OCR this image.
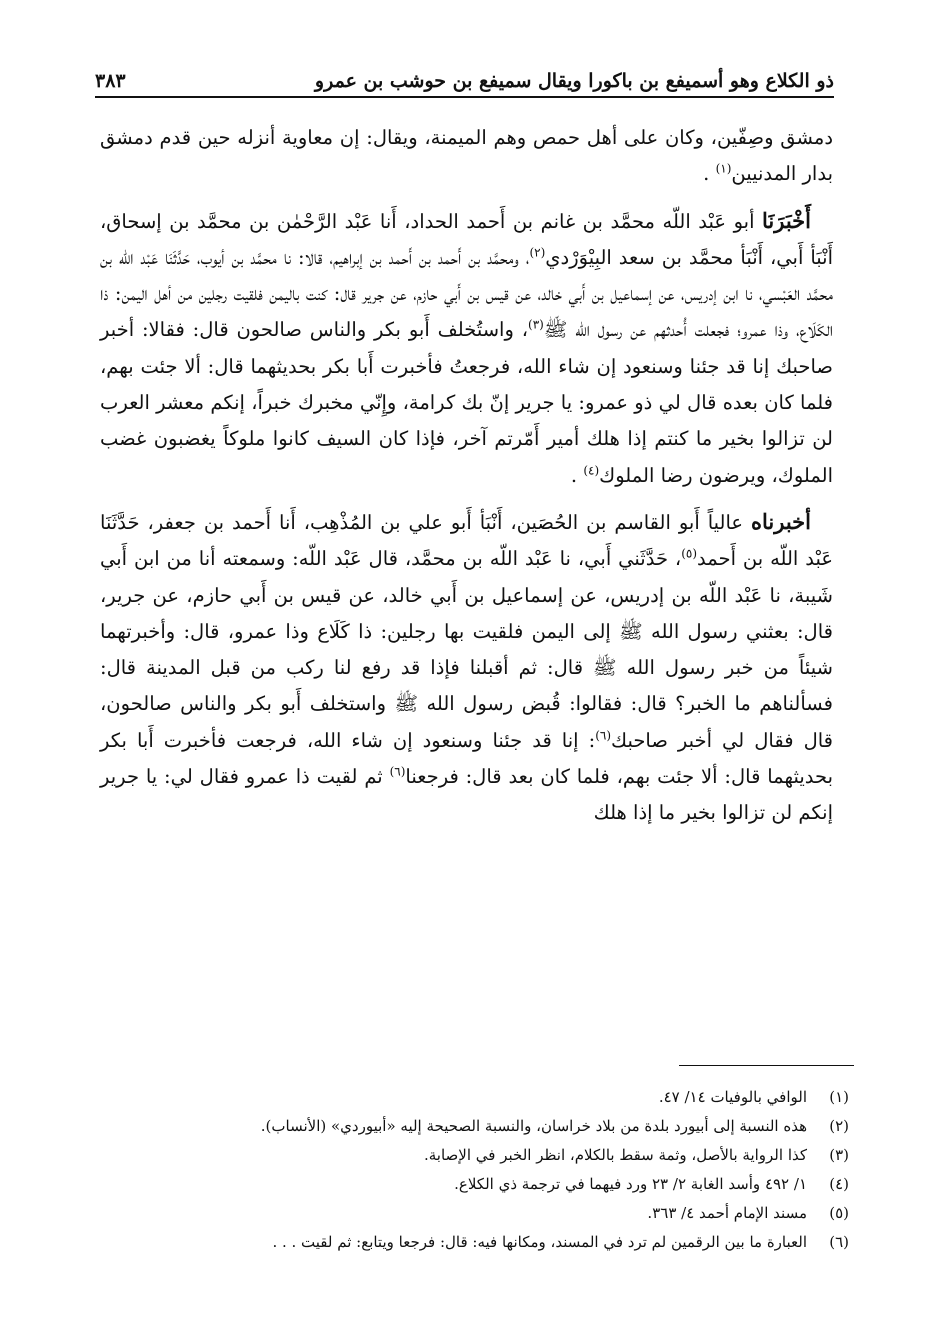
ذو الكلاع وهو أسميفع بن باكورا ويقال سميفع بن حوشب بن عمرو
٣٨٣

دمشق وصِفّين، وكان على أهل حمص وهم الميمنة، ويقال: إن معاوية أنزله حين قدم دمشق بدار المدنيين$^{(١)}$ .

أَخْبَرَنَا أبو عَبْد اللّه محمَّد بن غانم بن أَحمد الحداد، أَنا عَبْد الرَّحْمٰن بن محمَّد بن إسحاق، أَنْبَأ أَبي، أَنْبَأ محمَّد بن سعد البِيْوَرْدي$^{(٢)}$، ومحمَّد بن أَحمد بن أَحمد بن إبراهيم، قالا: نا محمَّد بن أيوب، حَدَّثَنَا عَبْد اللّه بن محمَّد العَبْسي، نا ابن إدريس، عن إسماعيل بن أَبي خالد، عن قيس بن أَبي حازم، عن جرير قال: كنت باليمن فلقيت رجلين من أهل اليمن: ذا الكَلَاع، وذا عمرو؛ فجعلت أُحدثهم عن رسول الله ﷺ$^{(٣)}$، واستُخلف أَبو بكر والناس صالحون قال: فقالا: أخبر صاحبك إنا قد جئنا وسنعود إن شاء الله، فرجعتُ فأخبرت أَبا بكر بحديثهما قال: ألا جئت بهم، فلما كان بعده قال لي ذو عمرو: يا جرير إنّ بك كرامة، وإِنّي مخبرك خبراً، إنكم معشر العرب لن تزالوا بخير ما كنتم إذا هلك أمير أَمّرتم آخر، فإذا كان السيف كانوا ملوكاً يغضبون غضب الملوك، ويرضون رضا الملوك$^{(٤)}$ .

أخبرناه عالياً أَبو القاسم بن الحُصَين، أَنْبَأ أَبو علي بن المُذْهِب، أَنا أَحمد بن جعفر، حَدَّثَنَا عَبْد اللّه بن أَحمد$^{(٥)}$، حَدَّثَني أَبي، نا عَبْد اللّه بن محمَّد، قال عَبْد اللّه: وسمعته أنا من ابن أَبي شَيبة، نا عَبْد اللّه بن إدريس، عن إسماعيل بن أَبي خالد، عن قيس بن أَبي حازم، عن جرير، قال: بعثني رسول الله ﷺ إلى اليمن فلقيت بها رجلين: ذا كَلَاع وذا عمرو، قال: وأخبرتهما شيئاً من خبر رسول الله ﷺ قال: ثم أقبلنا فإذا قد رفع لنا ركب من قبل المدينة قال: فسألناهم ما الخبر؟ قال: فقالوا: قُبض رسول الله ﷺ واستخلف أَبو بكر والناس صالحون، قال فقال لي أخبر صاحبك$^{(٦)}$: إنا قد جئنا وسنعود إن شاء الله، فرجعت فأخبرت أَبا بكر بحديثهما قال: ألا جئت بهم، فلما كان بعد قال: فرجعنا$^{(٦)}$ ثم لقيت ذا عمرو فقال لي: يا جرير إنكم لن تزالوا بخير ما إذا هلك

(١)
الوافي بالوفيات ١٤/ ٤٧.
(٢)
هذه النسبة إلى أبيورد بلدة من بلاد خراسان، والنسبة الصحيحة إليه «أبيوردي» (الأنساب).
(٣)
كذا الرواية بالأصل، وثمة سقط بالكلام، انظر الخبر في الإصابة.
(٤)
١/ ٤٩٢ وأسد الغابة ٢/ ٢٣ ورد فيهما في ترجمة ذي الكلاع.
(٥)
مسند الإمام أحمد ٤/ ٣٦٣.
(٦)
العبارة ما بين الرقمين لم ترد في المسند، ومكانها فيه: قال: فرجعا ويتابع: ثم لقيت . . .
